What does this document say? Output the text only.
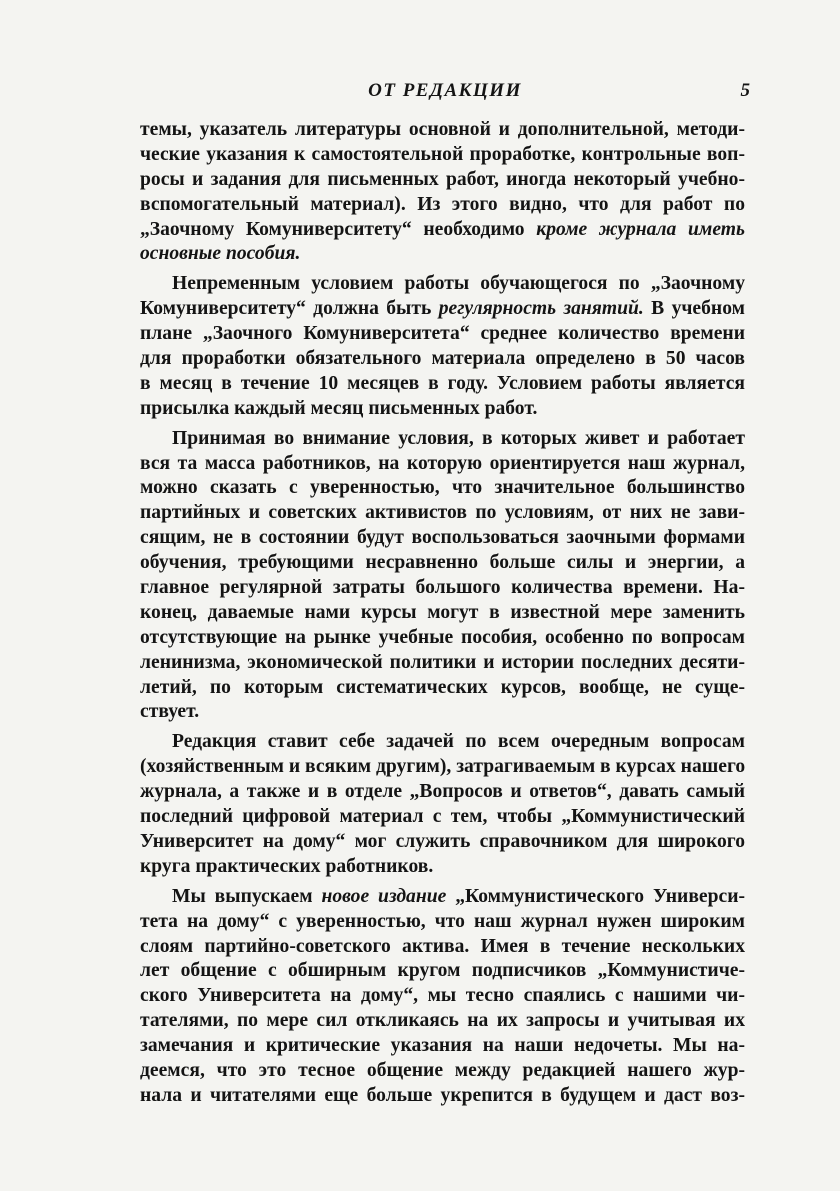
ОТ РЕДАКЦИИ	5
темы, указатель литературы основной и дополнительной, методи-
ческие указания к самостоятельной проработке, контрольные воп-
росы и задания для письменных работ, иногда некоторый учебно-
вспомогательный материал). Из этого видно, что для работ по
„Заочному Комуниверситету“ необходимо кроме журнала иметь
основные пособия.
Непременным условием работы обучающегося по „Заочному
Комуниверситету“ должна быть регулярность занятий. В учебном
плане „Заочного Комуниверситета“ среднее количество времени
для проработки обязательного материала определено в 50 часов
в месяц в течение 10 месяцев в году. Условием работы является
присылка каждый месяц письменных работ.
Принимая во внимание условия, в которых живет и работает
вся та масса работников, на которую ориентируется наш журнал,
можно сказать с уверенностью, что значительное большинство
партийных и советских активистов по условиям, от них не зави-
сящим, не в состоянии будут воспользоваться заочными формами
обучения, требующими несравненно больше силы и энергии, а
главное регулярной затраты большого количества времени. На-
конец, даваемые нами курсы могут в известной мере заменить
отсутствующие на рынке учебные пособия, особенно по вопросам
ленинизма, экономической политики и истории последних десяти-
летий, по которым систематических курсов, вообще, не суще-
ствует.
Редакция ставит себе задачей по всем очередным вопросам
(хозяйственным и всяким другим), затрагиваемым в курсах нашего
журнала, а также и в отделе „Вопросов и ответов“, давать самый
последний цифровой материал с тем, чтобы „Коммунистический
Университет на дому“ мог служить справочником для широкого
круга практических работников.
Мы выпускаем новое издание „Коммунистического Универси-
тета на дому“ с уверенностью, что наш журнал нужен широким
слоям партийно-советского актива. Имея в течение нескольких
лет общение с обширным кругом подписчиков „Коммунистиче-
ского Университета на дому“, мы тесно спаялись с нашими чи-
тателями, по мере сил откликаясь на их запросы и учитывая их
замечания и критические указания на наши недочеты. Мы на-
деемся, что это тесное общение между редакцией нашего жур-
нала и читателями еще больше укрепится в будущем и даст воз-
